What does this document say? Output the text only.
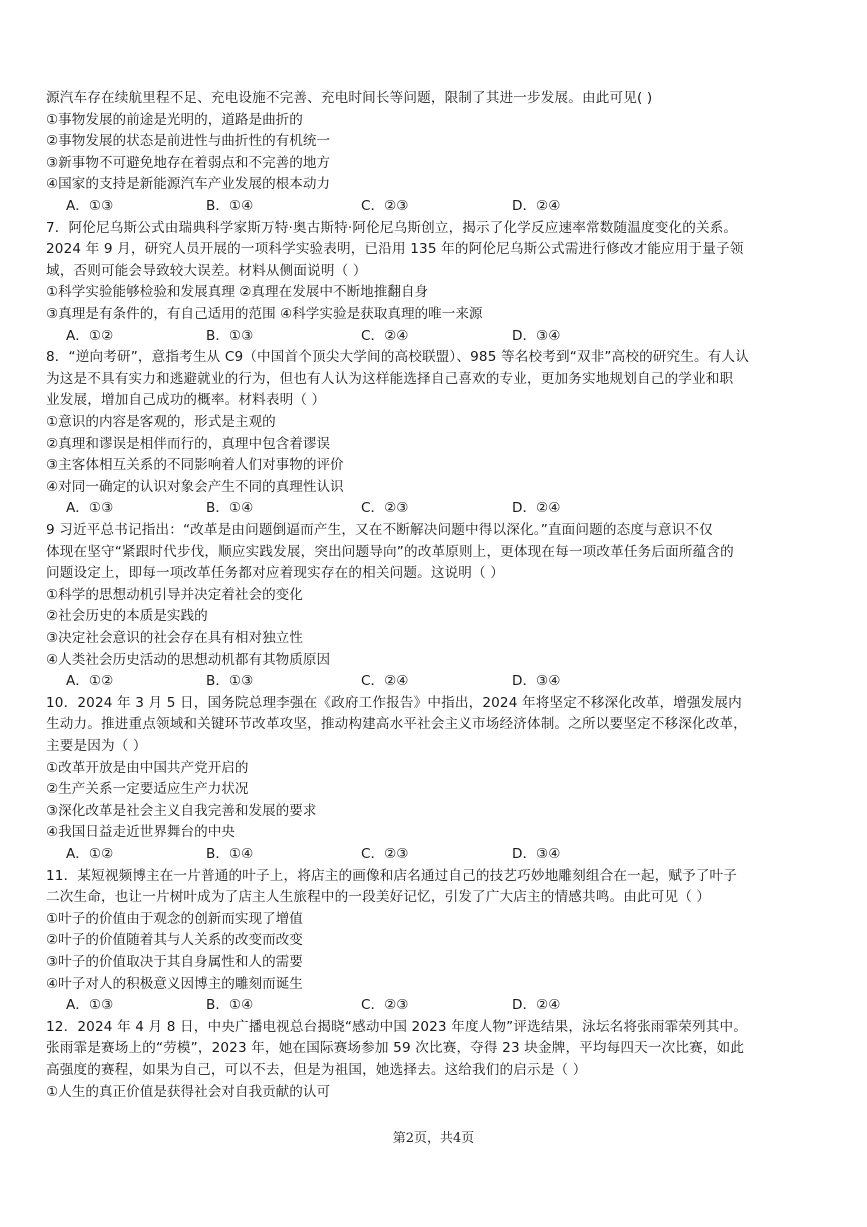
源汽车存在续航里程不足、充电设施不完善、充电时间长等问题，限制了其进一步发展。由此可见( )
①事物发展的前途是光明的，道路是曲折的
②事物发展的状态是前进性与曲折性的有机统一
③新事物不可避免地存在着弱点和不完善的地方
④国家的支持是新能源汽车产业发展的根本动力
A．①③	B．①④	C．②③	D．②④
7．阿伦尼乌斯公式由瑞典科学家斯万特·奥古斯特·阿伦尼乌斯创立，揭示了化学反应速率常数随温度变化的关系。
2024 年 9 月，研究人员开展的一项科学实验表明，已沿用 135 年的阿伦尼乌斯公式需进行修改才能应用于量子领
域，否则可能会导致较大误差。材料从侧面说明（ ）
①科学实验能够检验和发展真理 ②真理在发展中不断地推翻自身
③真理是有条件的，有自己适用的范围 ④科学实验是获取真理的唯一来源
A．①②	B．①③	C．②④	D．③④
8．“逆向考研”，意指考生从 C9（中国首个顶尖大学间的高校联盟）、985 等名校考到“双非”高校的研究生。有人认
为这是不具有实力和逃避就业的行为，但也有人认为这样能选择自己喜欢的专业，更加务实地规划自己的学业和职
业发展，增加自己成功的概率。材料表明（ ）
①意识的内容是客观的，形式是主观的
②真理和谬误是相伴而行的，真理中包含着谬误
③主客体相互关系的不同影响着人们对事物的评价
④对同一确定的认识对象会产生不同的真理性认识
A．①③	B．①④	C．②③	D．②④
9 习近平总书记指出：“改革是由问题倒逼而产生，又在不断解决问题中得以深化。”直面问题的态度与意识不仅
体现在坚守“紧跟时代步伐，顺应实践发展，突出问题导向”的改革原则上，更体现在每一项改革任务后面所蕴含的
问题设定上，即每一项改革任务都对应着现实存在的相关问题。这说明（ ）
①科学的思想动机引导并决定着社会的变化
②社会历史的本质是实践的
③决定社会意识的社会存在具有相对独立性
④人类社会历史活动的思想动机都有其物质原因
A．①②	B．①③	C．②④	D．③④
10．2024 年 3 月 5 日，国务院总理李强在《政府工作报告》中指出，2024 年将坚定不移深化改革，增强发展内
生动力。推进重点领域和关键环节改革攻坚，推动构建高水平社会主义市场经济体制。之所以要坚定不移深化改革，
主要是因为（ ）
①改革开放是由中国共产党开启的
②生产关系一定要适应生产力状况
③深化改革是社会主义自我完善和发展的要求
④我国日益走近世界舞台的中央
A．①②	B．①④	C．②③	D．③④
11．某短视频博主在一片普通的叶子上，将店主的画像和店名通过自己的技艺巧妙地雕刻组合在一起，赋予了叶子
二次生命，也让一片树叶成为了店主人生旅程中的一段美好记忆，引发了广大店主的情感共鸣。由此可见（ ）
①叶子的价值由于观念的创新而实现了增值
②叶子的价值随着其与人关系的改变而改变
③叶子的价值取决于其自身属性和人的需要
④叶子对人的积极意义因博主的雕刻而诞生
A．①③	B．①④	C．②③	D．②④
12．2024 年 4 月 8 日，中央广播电视总台揭晓“感动中国 2023 年度人物”评选结果，泳坛名将张雨霏荣列其中。
张雨霏是赛场上的“劳模”，2023 年，她在国际赛场参加 59 次比赛，夺得 23 块金牌，平均每四天一次比赛，如此
高强度的赛程，如果为自己，可以不去，但是为祖国，她选择去。这给我们的启示是（ ）
①人生的真正价值是获得社会对自我贡献的认可
第2页，共4页
